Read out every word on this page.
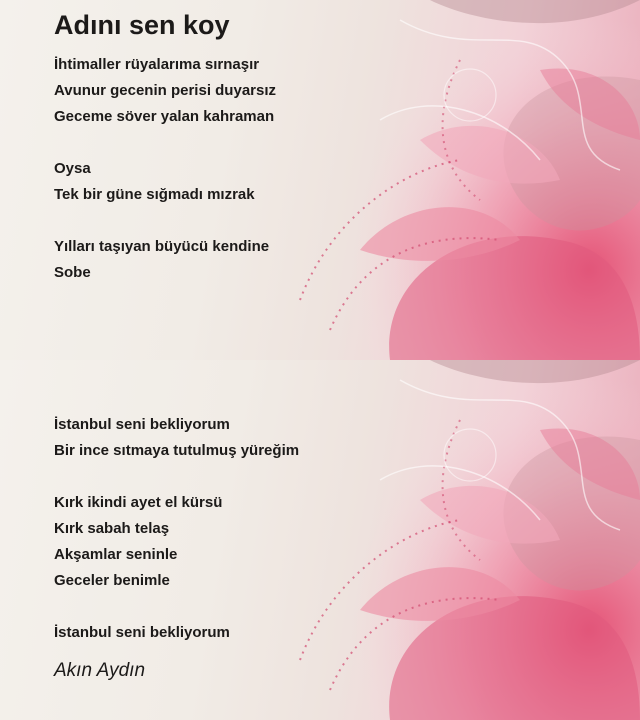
Adını sen koy
İhtimaller rüyalarıma sırnaşır
Avunur gecenin perisi duyarsız
Geceme söver yalan kahraman
Oysa
Tek bir güne sığmadı mızrak
Yılları taşıyan büyücü kendine
Sobe
İstanbul seni bekliyorum
Bir ince sıtmaya tutulmuş yüreğim
Kırk ikindi ayet el kürsü
Kırk sabah telaş
Akşamlar seninle
Geceler benimle
İstanbul seni bekliyorum
Akın Aydın
